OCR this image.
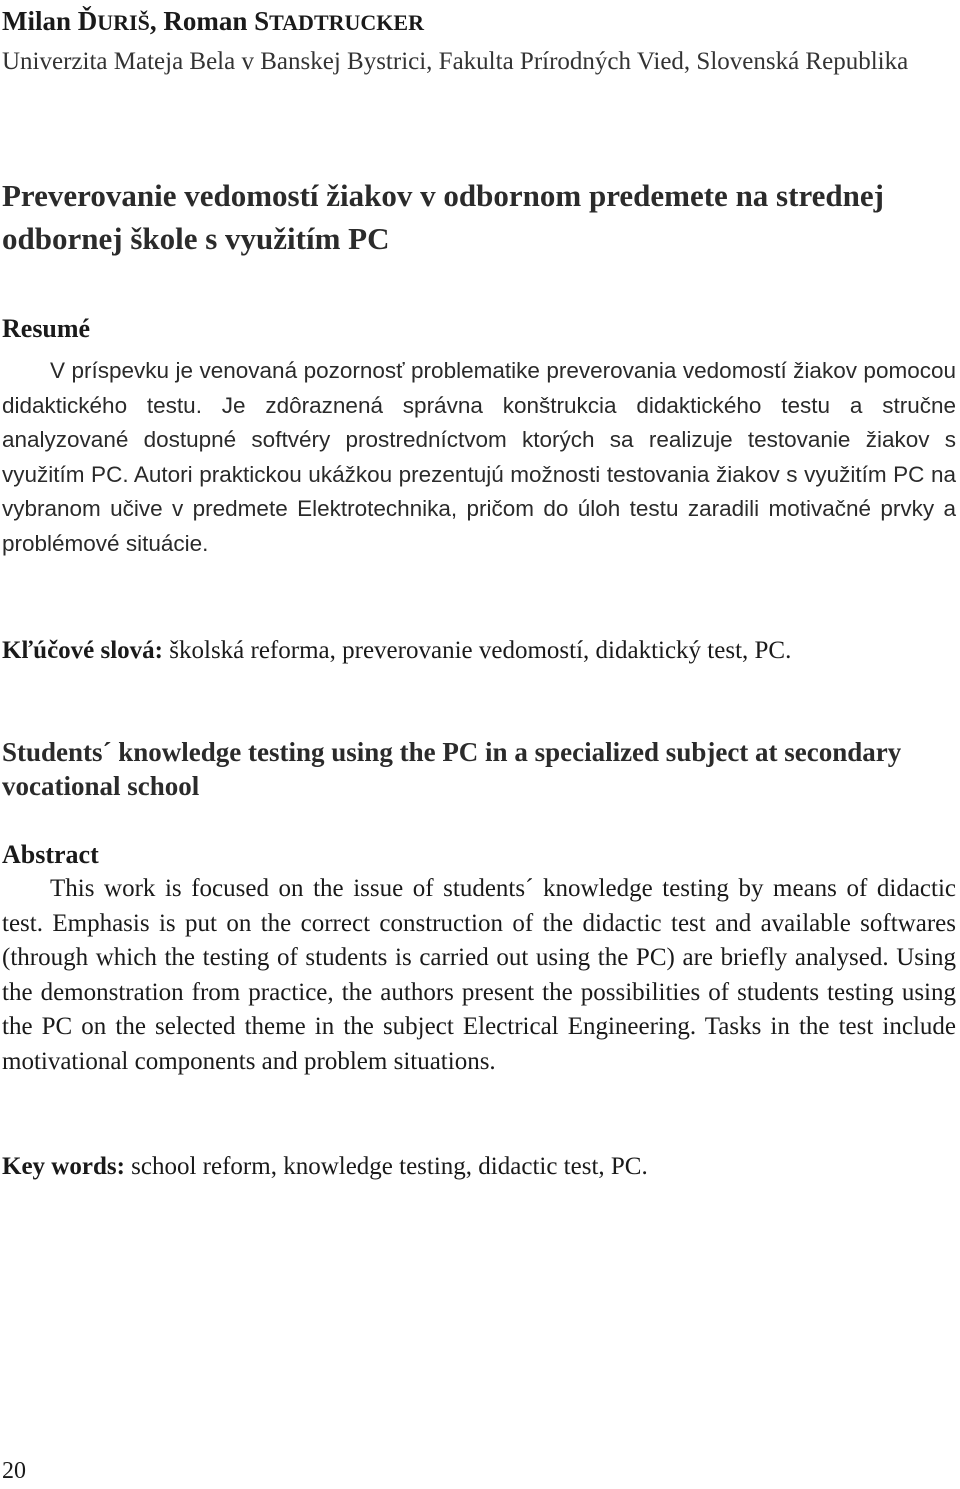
Milan ĎURIŠ, Roman STADTRUCKER
Univerzita Mateja Bela v Banskej Bystrici, Fakulta Prírodných Vied, Slovenská Republika
Preverovanie vedomostí žiakov v odbornom predemete na strednej odbornej škole s využitím PC
Resumé
V príspevku je venovaná pozornosť problematike preverovania vedomostí žiakov pomocou didaktického testu. Je zdôraznená správna konštrukcia didaktického testu a stručne analyzované dostupné softvéry prostredníctvom ktorých sa realizuje testovanie žiakov s využitím PC. Autori praktickou ukážkou prezentujú možnosti testovania žiakov s využitím PC na vybranom učive v predmete Elektrotechnika, pričom do úloh testu zaradili motivačné prvky a problémové situácie.
Kľúčové slová: školská reforma, preverovanie vedomostí, didaktický test, PC.
Students´ knowledge testing using the PC in a specialized subject at secondary vocational school
Abstract
This work is focused on the issue of students´ knowledge testing by means of didactic test. Emphasis is put on the correct construction of the didactic test and available softwares (through which the testing of students is carried out using the PC) are briefly analysed. Using the demonstration from practice, the authors present the possibilities of students testing using the PC on the selected theme in the subject Electrical Engineering. Tasks in the test include motivational components and problem situations.
Key words: school reform, knowledge testing, didactic test, PC.
20
